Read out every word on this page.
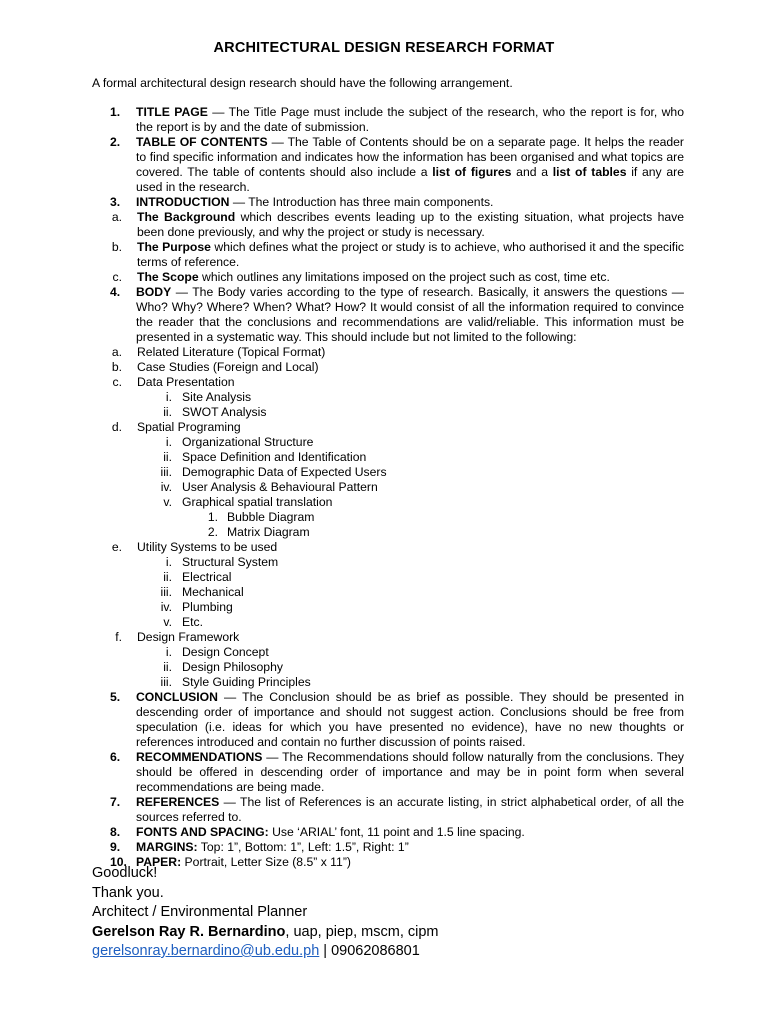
ARCHITECTURAL DESIGN RESEARCH FORMAT
A formal architectural design research should have the following arrangement.
1. TITLE PAGE — The Title Page must include the subject of the research, who the report is for, who the report is by and the date of submission.
2. TABLE OF CONTENTS — The Table of Contents should be on a separate page. It helps the reader to find specific information and indicates how the information has been organised and what topics are covered. The table of contents should also include a list of figures and a list of tables if any are used in the research.
3. INTRODUCTION — The Introduction has three main components.
a. The Background which describes events leading up to the existing situation, what projects have been done previously, and why the project or study is necessary.
b. The Purpose which defines what the project or study is to achieve, who authorised it and the specific terms of reference.
c. The Scope which outlines any limitations imposed on the project such as cost, time etc.
4. BODY — The Body varies according to the type of research. Basically, it answers the questions — Who? Why? Where? When? What? How? It would consist of all the information required to convince the reader that the conclusions and recommendations are valid/reliable. This information must be presented in a systematic way. This should include but not limited to the following:
a. Related Literature (Topical Format)
b. Case Studies (Foreign and Local)
c. Data Presentation
i. Site Analysis
ii. SWOT Analysis
d. Spatial Programing
i. Organizational Structure
ii. Space Definition and Identification
iii. Demographic Data of Expected Users
iv. User Analysis & Behavioural Pattern
v. Graphical spatial translation
1. Bubble Diagram
2. Matrix Diagram
e. Utility Systems to be used
i. Structural System
ii. Electrical
iii. Mechanical
iv. Plumbing
v. Etc.
f. Design Framework
i. Design Concept
ii. Design Philosophy
iii. Style Guiding Principles
5. CONCLUSION — The Conclusion should be as brief as possible. They should be presented in descending order of importance and should not suggest action. Conclusions should be free from speculation (i.e. ideas for which you have presented no evidence), have no new thoughts or references introduced and contain no further discussion of points raised.
6. RECOMMENDATIONS — The Recommendations should follow naturally from the conclusions. They should be offered in descending order of importance and may be in point form when several recommendations are being made.
7. REFERENCES — The list of References is an accurate listing, in strict alphabetical order, of all the sources referred to.
8. FONTS AND SPACING: Use ‘ARIAL’ font, 11 point and 1.5 line spacing.
9. MARGINS: Top: 1”, Bottom: 1”, Left: 1.5”, Right: 1”
10. PAPER: Portrait, Letter Size (8.5” x 11”)
Goodluck!
Thank you.
Architect / Environmental Planner
Gerelson Ray R. Bernardino, uap, piep, mscm, cipm
gerelsonray.bernardino@ub.edu.ph | 09062086801
